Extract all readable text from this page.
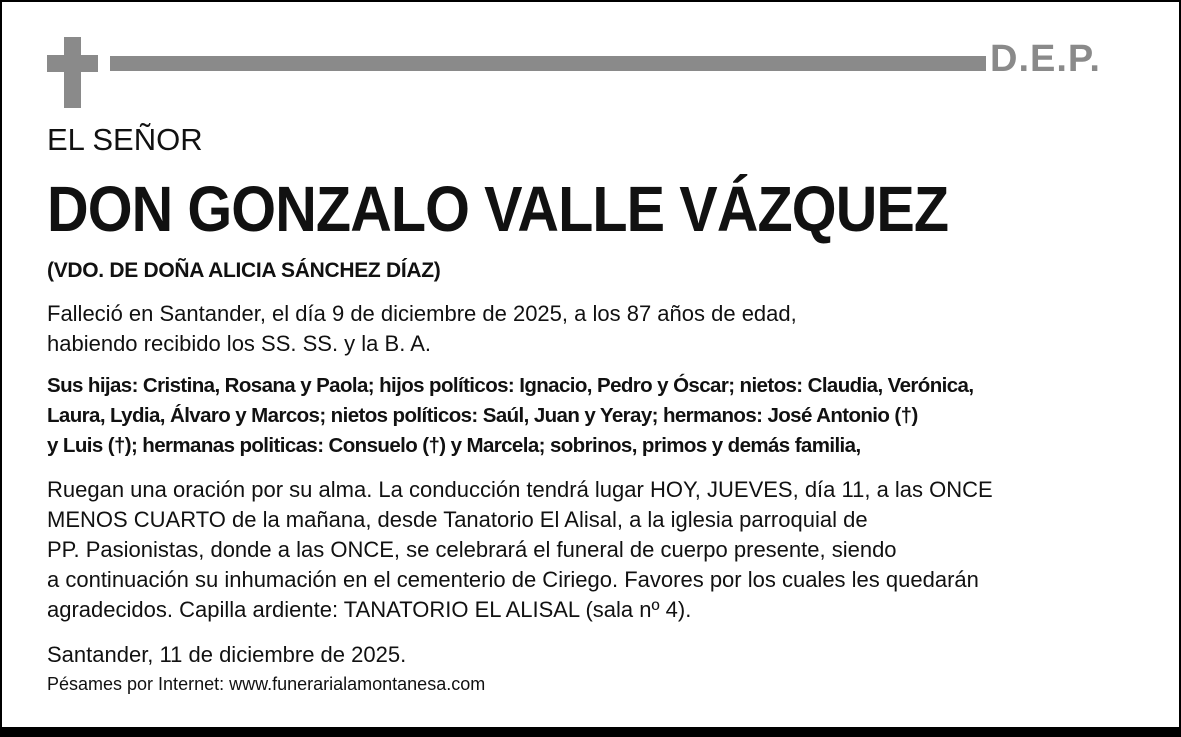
D.E.P.
EL SEÑOR
DON GONZALO VALLE VÁZQUEZ
(VDO. DE DOÑA ALICIA SÁNCHEZ DÍAZ)
Falleció en Santander, el día 9 de diciembre de 2025, a los 87 años de edad,
habiendo recibido los SS. SS. y la B. A.
Sus hijas: Cristina, Rosana y Paola; hijos políticos: Ignacio, Pedro y Óscar; nietos: Claudia, Verónica,
Laura, Lydia, Álvaro y Marcos; nietos políticos: Saúl, Juan y Yeray; hermanos: José Antonio (†)
y Luis (†); hermanas politicas: Consuelo (†) y Marcela; sobrinos, primos y demás familia,
Ruegan una oración por su alma. La conducción tendrá lugar HOY, JUEVES, día 11, a las ONCE
MENOS CUARTO de la mañana, desde Tanatorio El Alisal, a la iglesia parroquial de
PP. Pasionistas, donde a las ONCE, se celebrará el funeral de cuerpo presente, siendo
a continuación su inhumación en el cementerio de Ciriego. Favores por los cuales les quedarán
agradecidos. Capilla ardiente: TANATORIO EL ALISAL (sala nº 4).
Santander, 11 de diciembre de 2025.
Pésames por Internet: www.funerarialamontanesa.com
